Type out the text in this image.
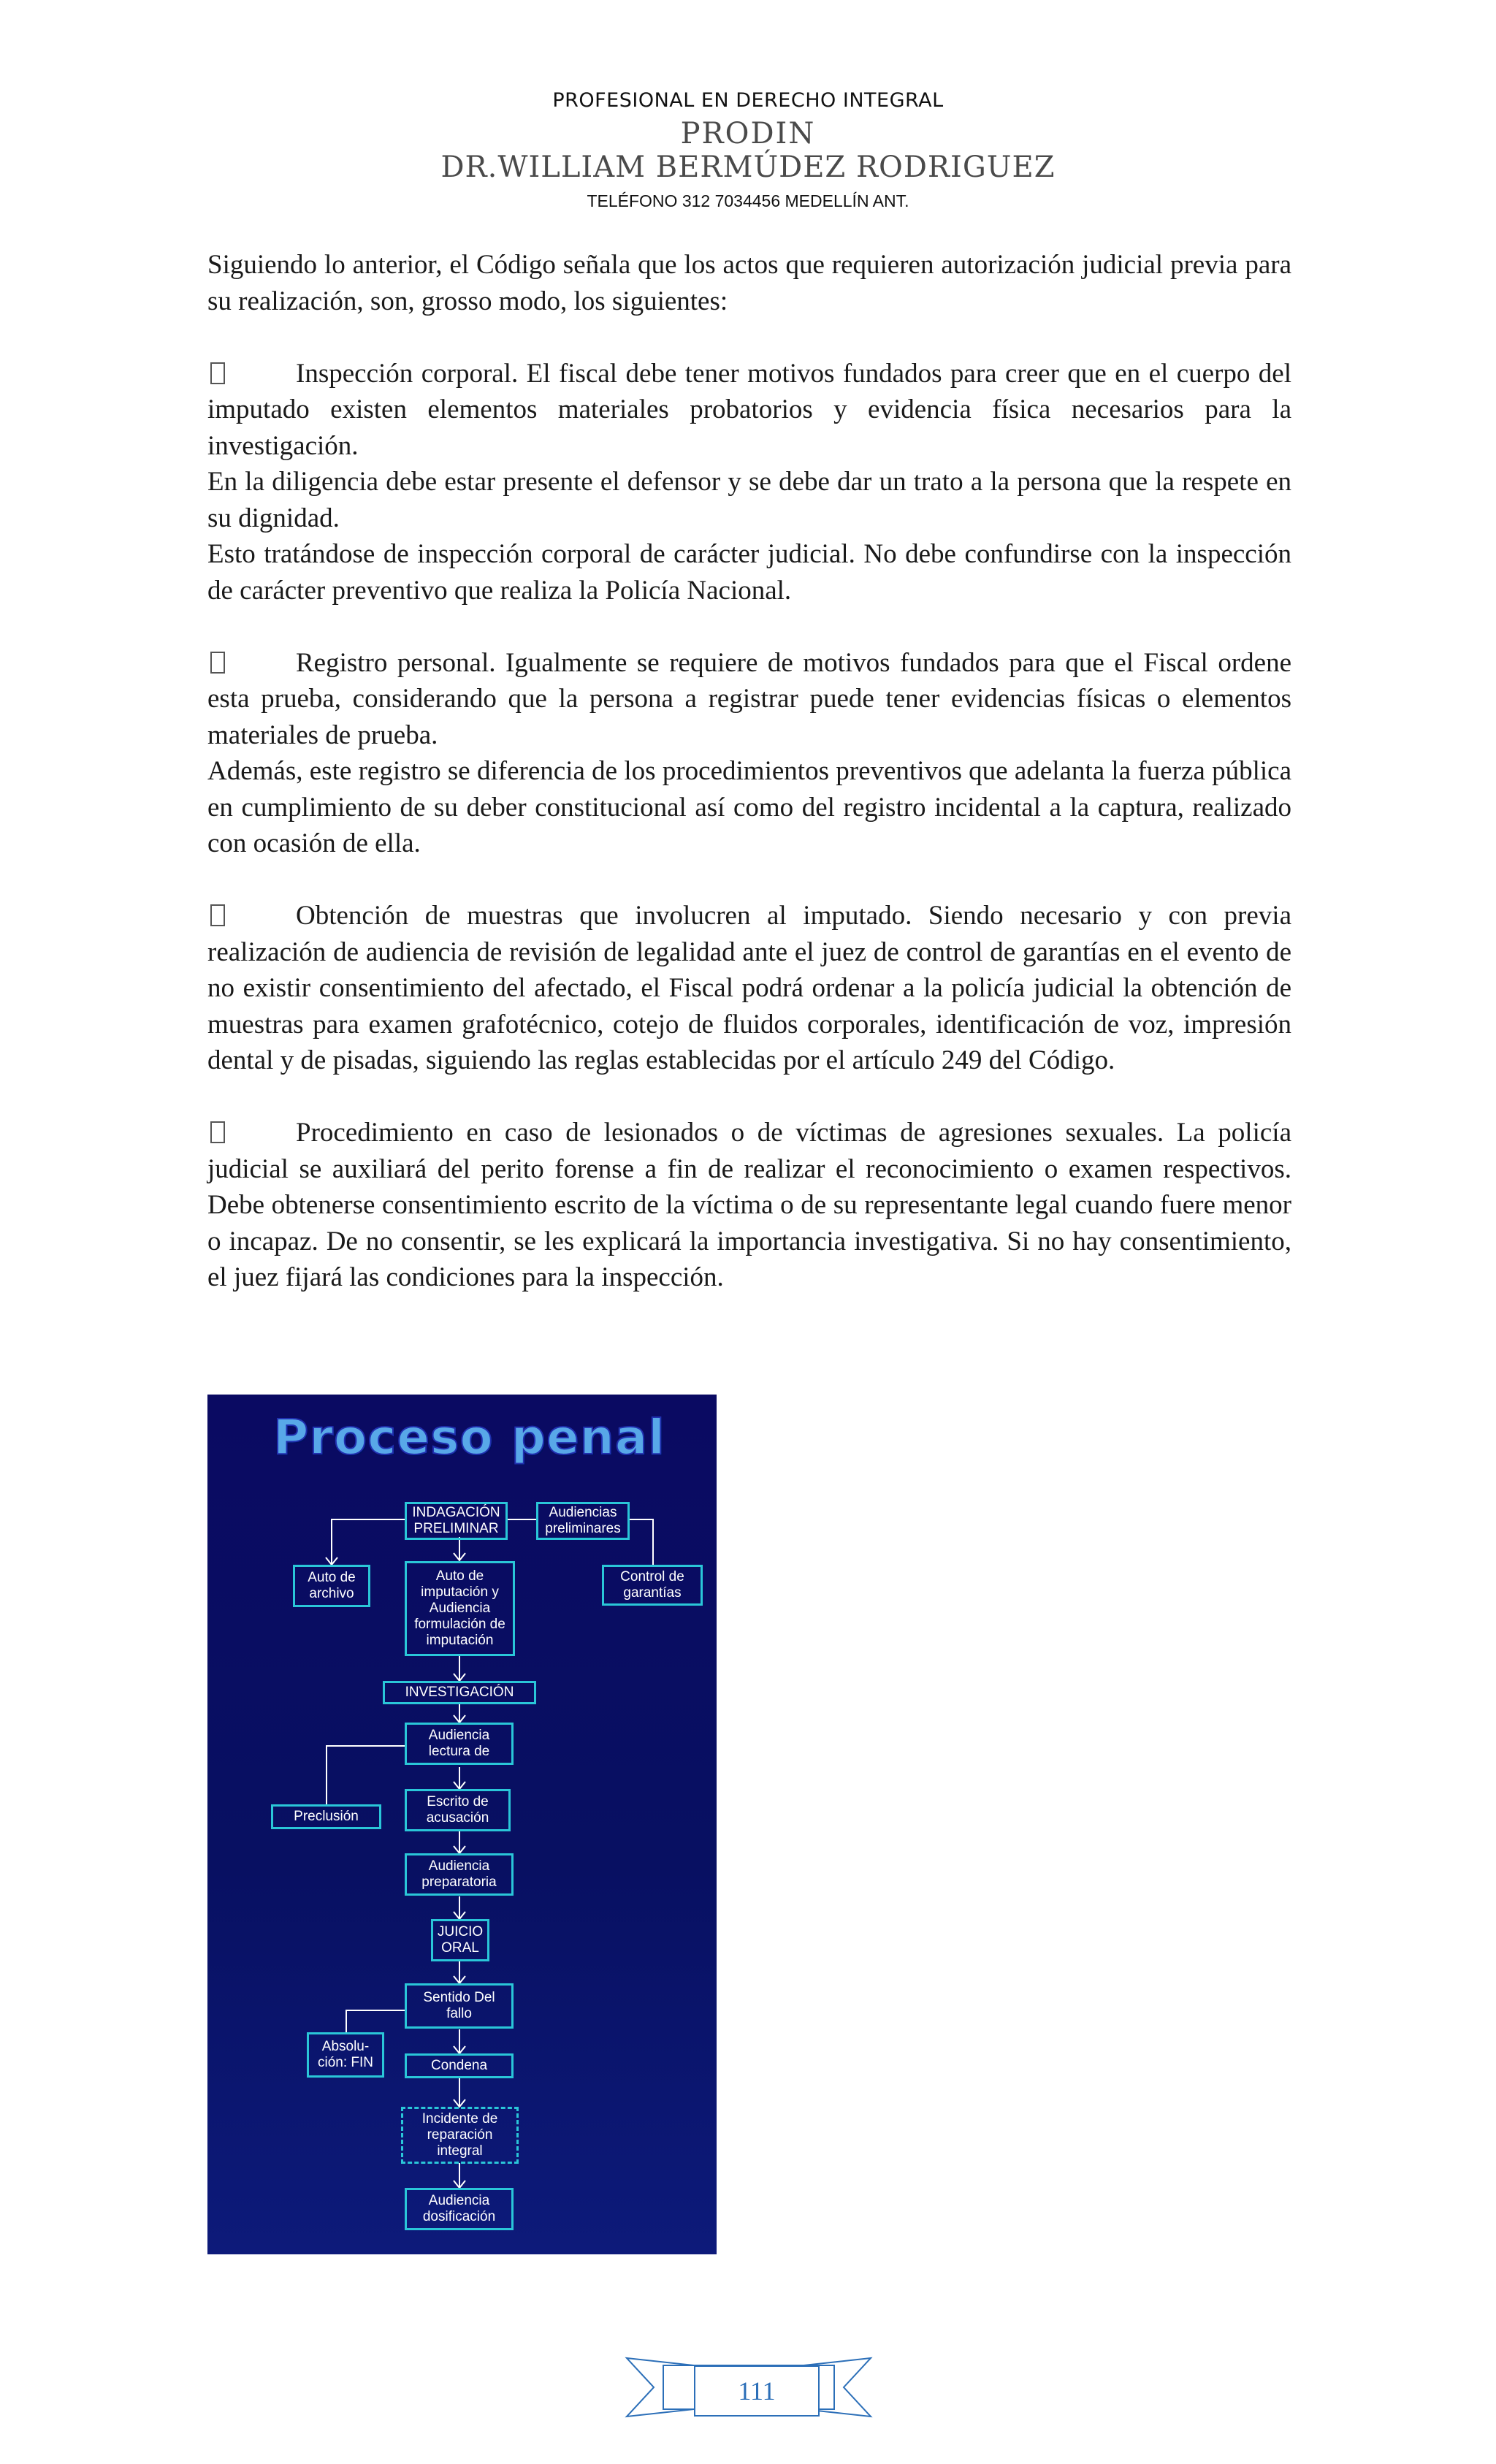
PROFESIONAL EN DERECHO INTEGRAL
PRODIN
DR.WILLIAM BERMÚDEZ RODRIGUEZ
TELÉFONO 312 7034456 MEDELLÍN ANT.

Siguiendo lo anterior, el Código señala que los actos que requieren autorización judicial previa para su realización, son, grosso modo, los siguientes:

Inspección corporal. El fiscal debe tener motivos fundados para creer que en el cuerpo del imputado existen elementos materiales probatorios y evidencia física necesarios para la investigación.

En la diligencia debe estar presente el defensor y se debe dar un trato a la persona que la respete en su dignidad.

Esto tratándose de inspección corporal de carácter judicial. No debe confundirse con la inspección de carácter preventivo que realiza la Policía Nacional.

Registro personal. Igualmente se requiere de motivos fundados para que el Fiscal ordene esta prueba, considerando que la persona a registrar puede tener evidencias físicas o elementos materiales de prueba.

Además, este registro se diferencia de los procedimientos preventivos que adelanta la fuerza pública en cumplimiento de su deber constitucional así como del registro incidental a la captura, realizado con ocasión de ella.

Obtención de muestras que involucren al imputado. Siendo necesario y con previa realización de audiencia de revisión de legalidad ante el juez de control de garantías en el evento de no existir consentimiento del afectado, el Fiscal podrá ordenar a la policía judicial la obtención de muestras para examen grafotécnico, cotejo de fluidos corporales, identificación de voz, impresión dental y de pisadas, siguiendo las reglas establecidas por el artículo 249 del Código.

Procedimiento en caso de lesionados o de víctimas de agresiones sexuales. La policía judicial se auxiliará del perito forense a fin de realizar el reconocimiento o examen respectivos. Debe obtenerse consentimiento escrito de la víctima o de su representante legal cuando fuere menor o incapaz. De no consentir, se les explicará la importancia investigativa. Si no hay consentimiento, el juez fijará las condiciones para la inspección.

Proceso penal
INDAGACIÓN PRELIMINAR
Audiencias preliminares
Auto de archivo
Auto de imputación y Audiencia formulación de imputación
Control de garantías
INVESTIGACIÓN
Audiencia lectura de
Preclusión
Escrito de acusación
Audiencia preparatoria
JUICIO ORAL
Sentido Del fallo
Absolu- ción: FIN	Condena
Incidente de reparación integral
Audiencia dosificación
111
